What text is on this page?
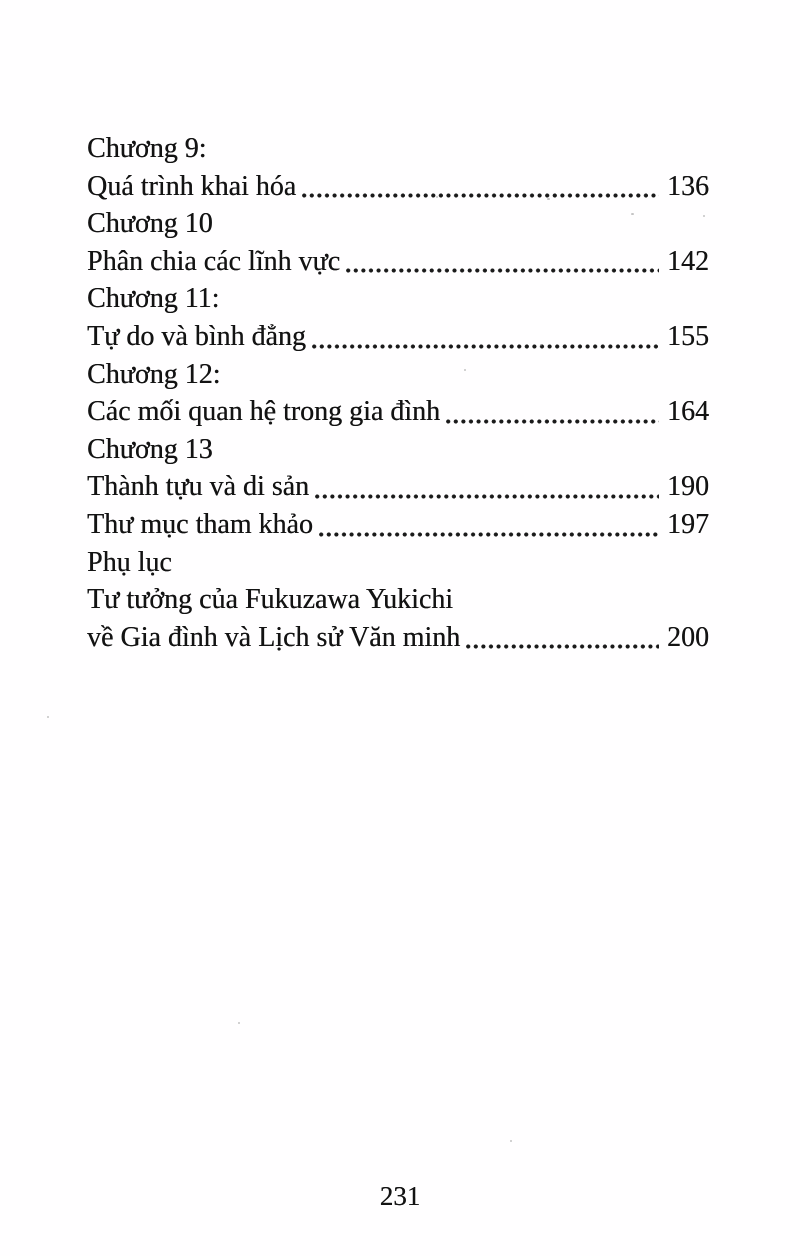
Chương 9:
Quá trình khai hóa	136
Chương 10
Phân chia các lĩnh vực	142
Chương 11:
Tự do và bình đẳng	155
Chương 12:
Các mối quan hệ trong gia đình	164
Chương 13
Thành tựu và di sản	190
Thư mục tham khảo	197
Phụ lục
Tư tưởng của Fukuzawa Yukichi
về Gia đình và Lịch sử Văn minh	200
231
